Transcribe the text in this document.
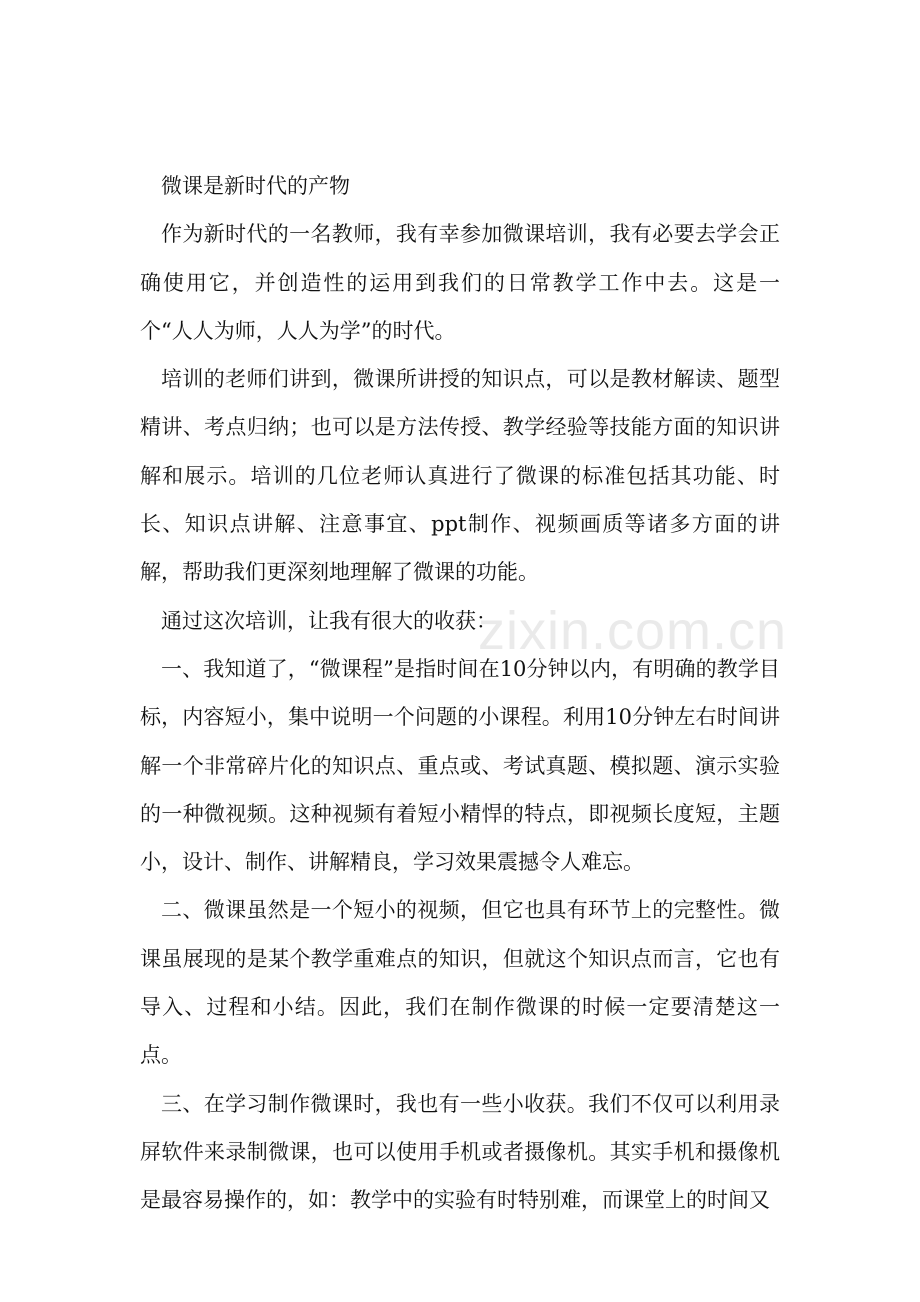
微课是新时代的产物

作为新时代的一名教师，我有幸参加微课培训，我有必要去学会正确使用它，并创造性的运用到我们的日常教学工作中去。这是一个“人人为师，人人为学”的时代。

培训的老师们讲到，微课所讲授的知识点，可以是教材解读、题型精讲、考点归纳；也可以是方法传授、教学经验等技能方面的知识讲解和展示。培训的几位老师认真进行了微课的标准包括其功能、时长、知识点讲解、注意事宜、ppt制作、视频画质等诸多方面的讲解，帮助我们更深刻地理解了微课的功能。

通过这次培训，让我有很大的收获：

一、我知道了，“微课程”是指时间在10分钟以内，有明确的教学目标，内容短小，集中说明一个问题的小课程。利用10分钟左右时间讲解一个非常碎片化的知识点、重点或、考试真题、模拟题、演示实验的一种微视频。这种视频有着短小精悍的特点，即视频长度短，主题小，设计、制作、讲解精良，学习效果震撼令人难忘。

二、微课虽然是一个短小的视频，但它也具有环节上的完整性。微课虽展现的是某个教学重难点的知识，但就这个知识点而言，它也有导入、过程和小结。因此，我们在制作微课的时候一定要清楚这一点。

三、在学习制作微课时，我也有一些小收获。我们不仅可以利用录屏软件来录制微课，也可以使用手机或者摄像机。其实手机和摄像机是最容易操作的，如：教学中的实验有时特别难，而课堂上的时间又

zixin.com.cn
